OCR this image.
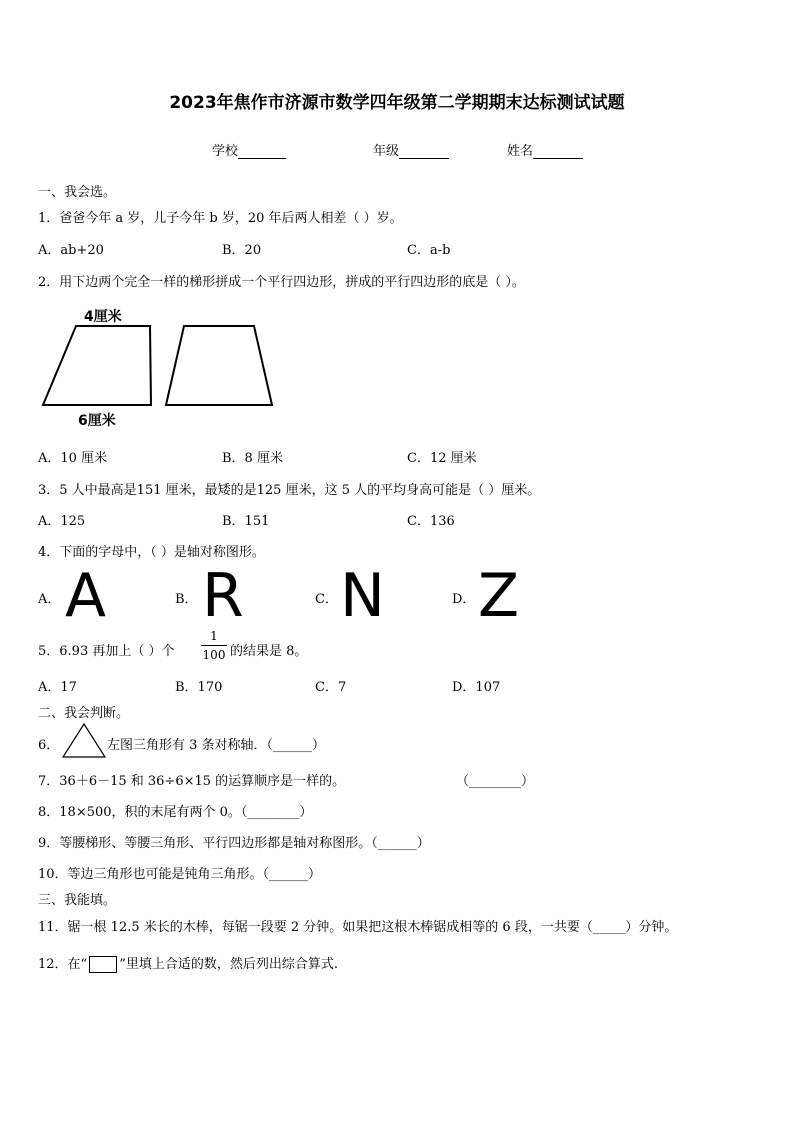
2023年焦作市济源市数学四年级第二学期期末达标测试试题
学校	年级	姓名
一、我会选。
1．爸爸今年 a 岁，儿子今年 b 岁，20 年后两人相差（ ）岁。
A．ab+20	B．20	C．a-b
2．用下边两个完全一样的梯形拼成一个平行四边形，拼成的平行四边形的底是（ ）。
4厘米
6厘米
A．10 厘米	B．8 厘米	C．12 厘米
3．5 人中最高是151 厘米，最矮的是125 厘米，这 5 人的平均身高可能是（ ）厘米。
A．125	B．151	C．136
4．下面的字母中，（ ）是轴对称图形。
A． A	B． R	C． N	D． Z
5．6.93 再加上（ ）个
1
100 的结果是 8。
A．17	B．170	C．7	D．107
二、我会判断。
6．	左图三角形有 3 条对称轴．（______）
7．36＋6－15 和 36÷6×15 的运算顺序是一样的。	（________）
8．18×500，积的末尾有两个 0。（________）
9．等腰梯形、等腰三角形、平行四边形都是轴对称图形。（______）
10．等边三角形也可能是钝角三角形。（______）
三、我能填。
11．锯一根 12.5 米长的木棒，每锯一段要 2 分钟。如果把这根木棒锯成相等的 6 段，一共要（_____）分钟。
12．在“ ”里填上合适的数，然后列出综合算式.
